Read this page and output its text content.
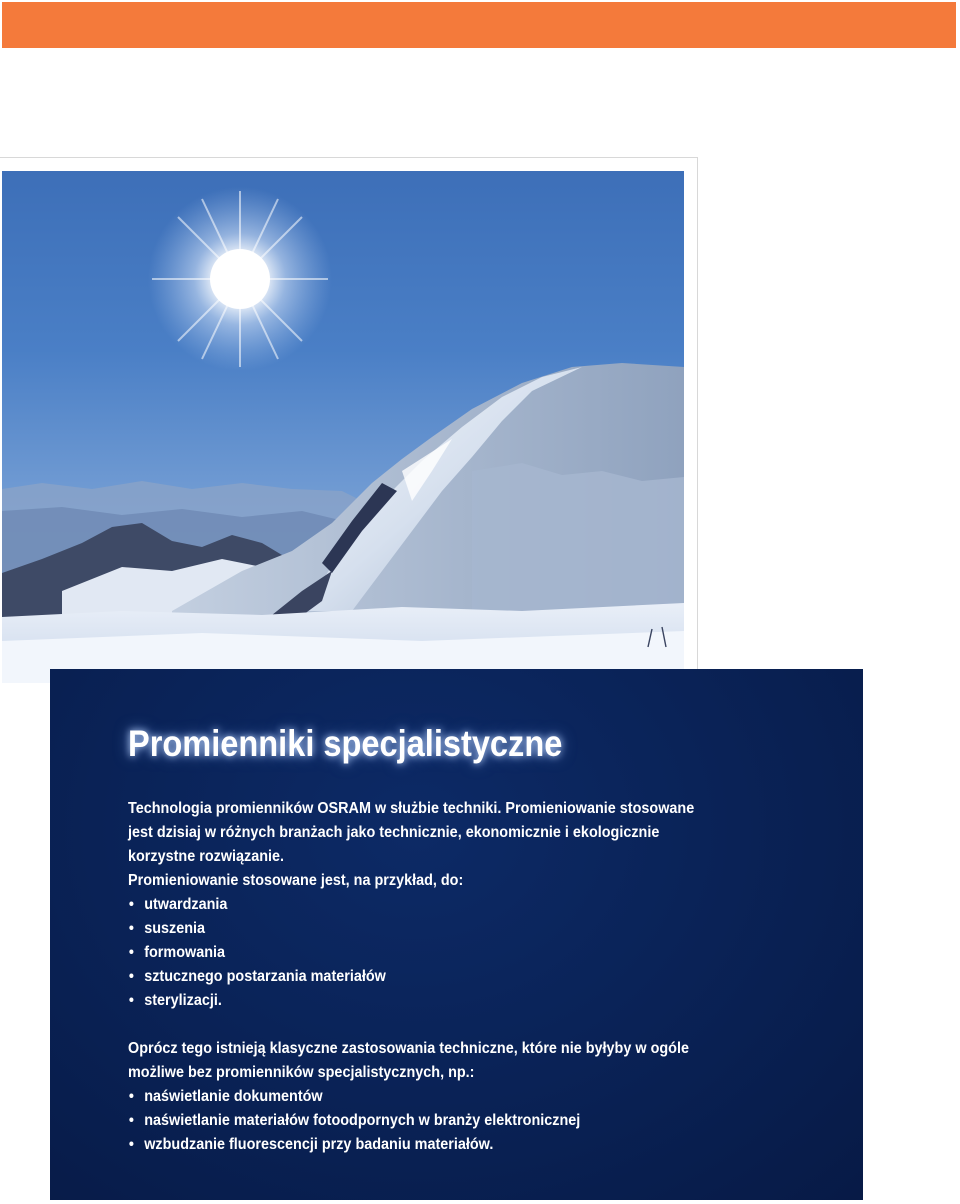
Promienniki specjalistyczne

Technologia promienników OSRAM w służbie techniki. Promieniowanie stosowane

jest dzisiaj w różnych branżach jako technicznie, ekonomicznie i ekologicznie

korzystne rozwiązanie.

Promieniowanie stosowane jest, na przykład, do:

• utwardzania
• suszenia
• formowania
• sztucznego postarzania materiałów
• sterylizacji.

Oprócz tego istnieją klasyczne zastosowania techniczne, które nie byłyby w ogóle

możliwe bez promienników specjalistycznych, np.:

• naświetlanie dokumentów
• naświetlanie materiałów fotoodpornych w branży elektronicznej
• wzbudzanie fluorescencji przy badaniu materiałów.
